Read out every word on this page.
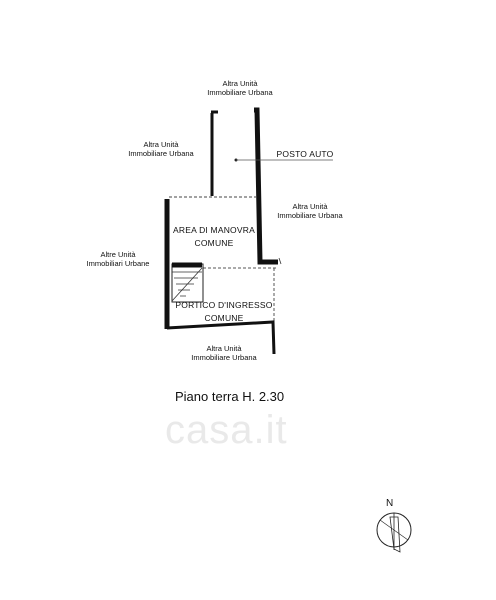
Altra Unità
Immobiliare Urbana
Altra Unità
Immobiliare Urbana
Altra Unità
Immobiliare Urbana
Altre Unità
Immobiliari Urbane
Altra Unità
Immobiliare Urbana
POSTO AUTO
AREA DI MANOVRA
COMUNE
PORTICO D'INGRESSO
COMUNE
Piano terra H. 2.30
casa.it
N
